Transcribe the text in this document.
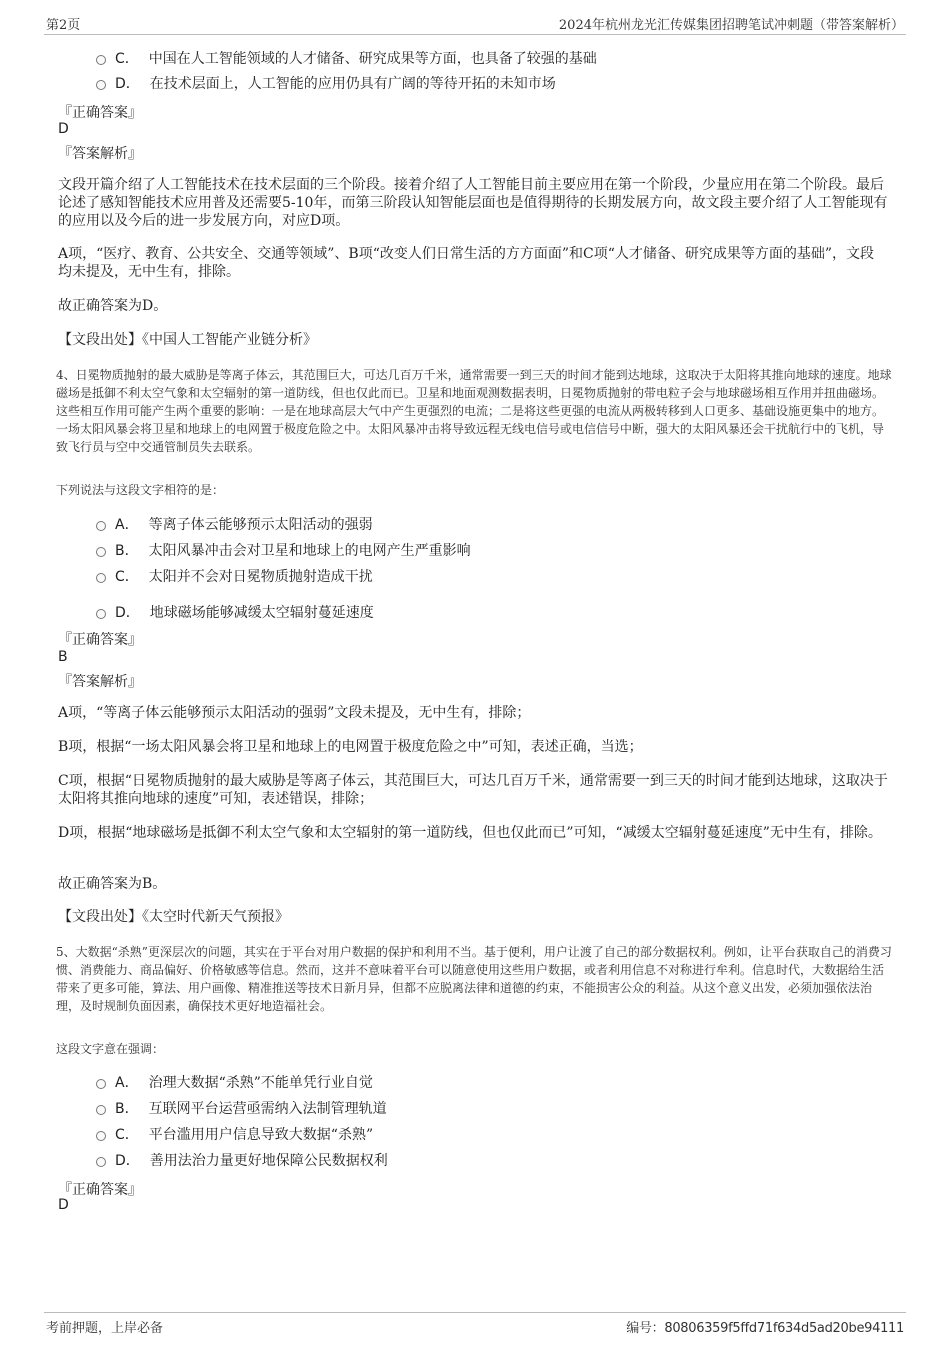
第2页	2024年杭州龙光汇传媒集团招聘笔试冲刺题（带答案解析）
C． 中国在人工智能领域的人才储备、研究成果等方面，也具备了较强的基础
D． 在技术层面上，人工智能的应用仍具有广阔的等待开拓的未知市场
『正确答案』
D
『答案解析』
文段开篇介绍了人工智能技术在技术层面的三个阶段。接着介绍了人工智能目前主要应用在第一个阶段，少量应用在第二个阶段。最后论述了感知智能技术应用普及还需要5-10年，而第三阶段认知智能层面也是值得期待的长期发展方向，故文段主要介绍了人工智能现有的应用以及今后的进一步发展方向，对应D项。
A项，“医疗、教育、公共安全、交通等领域”、B项“改变人们日常生活的方方面面”和C项“人才储备、研究成果等方面的基础”，文段均未提及，无中生有，排除。
故正确答案为D。
【文段出处】《中国人工智能产业链分析》
4、日冕物质抛射的最大威胁是等离子体云，其范围巨大，可达几百万千米，通常需要一到三天的时间才能到达地球，这取决于太阳将其推向地球的速度。地球磁场是抵御不利太空气象和太空辐射的第一道防线，但也仅此而已。卫星和地面观测数据表明，日冕物质抛射的带电粒子会与地球磁场相互作用并扭曲磁场。这些相互作用可能产生两个重要的影响：一是在地球高层大气中产生更强烈的电流；二是将这些更强的电流从两极转移到人口更多、基础设施更集中的地方。一场太阳风暴会将卫星和地球上的电网置于极度危险之中。太阳风暴冲击将导致远程无线电信号或电信信号中断，强大的太阳风暴还会干扰航行中的飞机，导致飞行员与空中交通管制员失去联系。
下列说法与这段文字相符的是：
A． 等离子体云能够预示太阳活动的强弱
B． 太阳风暴冲击会对卫星和地球上的电网产生严重影响
C． 太阳并不会对日冕物质抛射造成干扰
D． 地球磁场能够减缓太空辐射蔓延速度
『正确答案』
B
『答案解析』
A项，“等离子体云能够预示太阳活动的强弱”文段未提及，无中生有，排除；
B项，根据“一场太阳风暴会将卫星和地球上的电网置于极度危险之中”可知，表述正确，当选；
C项，根据“日冕物质抛射的最大威胁是等离子体云，其范围巨大，可达几百万千米，通常需要一到三天的时间才能到达地球，这取决于太阳将其推向地球的速度”可知，表述错误，排除；
D项，根据“地球磁场是抵御不利太空气象和太空辐射的第一道防线，但也仅此而已”可知，“减缓太空辐射蔓延速度”无中生有，排除。
故正确答案为B。
【文段出处】《太空时代新天气预报》
5、大数据“杀熟”更深层次的问题，其实在于平台对用户数据的保护和利用不当。基于便利，用户让渡了自己的部分数据权利。例如，让平台获取自己的消费习惯、消费能力、商品偏好、价格敏感等信息。然而，这并不意味着平台可以随意使用这些用户数据，或者利用信息不对称进行牟利。信息时代，大数据给生活带来了更多可能，算法、用户画像、精准推送等技术日新月异，但都不应脱离法律和道德的约束，不能损害公众的利益。从这个意义出发，必须加强依法治理，及时规制负面因素，确保技术更好地造福社会。
这段文字意在强调：
A． 治理大数据“杀熟”不能单凭行业自觉
B． 互联网平台运营亟需纳入法制管理轨道
C． 平台滥用用户信息导致大数据“杀熟”
D． 善用法治力量更好地保障公民数据权利
『正确答案』
D
考前押题，上岸必备	编号：80806359f5ffd71f634d5ad20be94111
